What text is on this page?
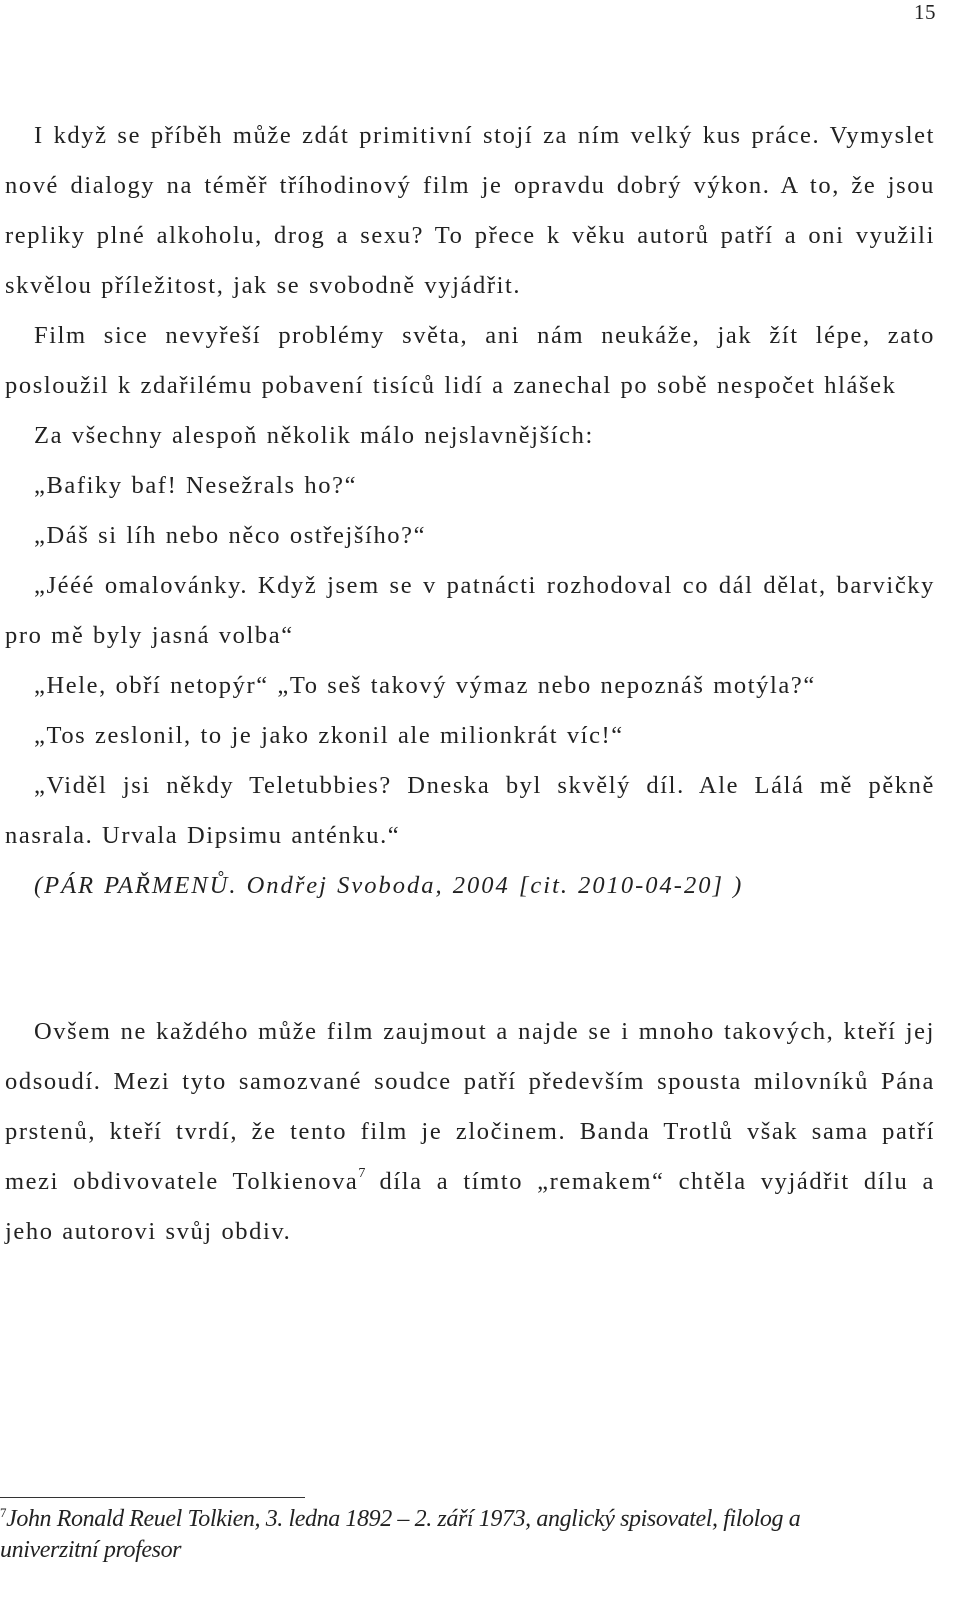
15

I když se příběh může zdát primitivní stojí za ním velký kus práce. Vymyslet nové dialogy na téměř tříhodinový film je opravdu dobrý výkon. A to, že jsou repliky plné alkoholu, drog a sexu? To přece k věku autorů patří a oni využili skvělou příležitost, jak se svobodně vyjádřit.

Film sice nevyřeší problémy světa, ani nám neukáže, jak žít lépe, zato posloužil k zdařilému pobavení tisíců lidí a zanechal po sobě nespočet hlášek

Za všechny alespoň několik málo nejslavnějších:

„Bafiky baf! Nesežrals ho?“

„Dáš si líh nebo něco ostřejšího?“

„Jééé omalovánky. Když jsem se v patnácti rozhodoval co dál dělat, barvičky pro mě byly jasná volba“

„Hele, obří netopýr“ „To seš takový výmaz nebo nepoznáš motýla?“

„Tos zeslonil, to je jako zkonil ale milionkrát víc!“

„Viděl jsi někdy Teletubbies? Dneska byl skvělý díl. Ale Lálá mě pěkně nasrala. Urvala Dipsimu anténku.“

(PÁR PAŘMENŮ. Ondřej Svoboda, 2004 [cit. 2010-04-20] )

Ovšem ne každého může film zaujmout a najde se i mnoho takových, kteří jej odsoudí. Mezi tyto samozvané soudce patří především spousta milovníků Pána prstenů, kteří tvrdí, že tento film je zločinem. Banda Trotlů však sama patří mezi obdivovatele Tolkienova$^7$ díla a tímto „remakem“ chtěla vyjádřit dílu a jeho autorovi svůj obdiv.

$^7$John Ronald Reuel Tolkien, 3. ledna 1892 – 2. září 1973, anglický spisovatel, filolog a univerzitní profesor
